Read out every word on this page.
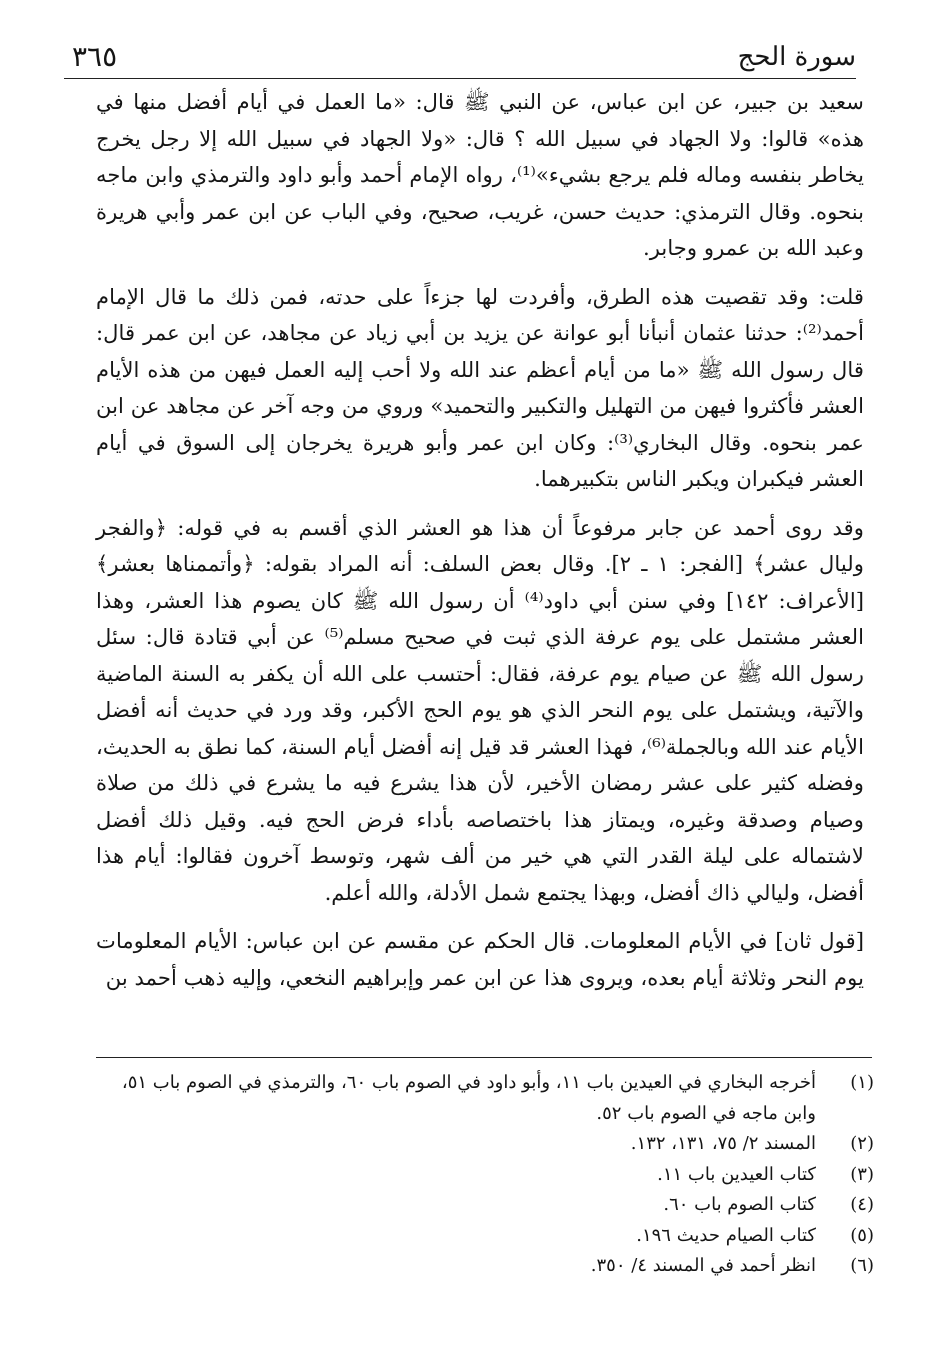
سورة الحج
٣٦٥

سعيد بن جبير، عن ابن عباس، عن النبي ﷺ قال: «ما العمل في أيام أفضل منها في هذه» قالوا: ولا الجهاد في سبيل الله ؟ قال: «ولا الجهاد في سبيل الله إلا رجل يخرج يخاطر بنفسه وماله فلم يرجع بشيء»⁽¹⁾، رواه الإمام أحمد وأبو داود والترمذي وابن ماجه بنحوه. وقال الترمذي: حديث حسن، غريب، صحيح، وفي الباب عن ابن عمر وأبي هريرة وعبد الله بن عمرو وجابر.

قلت: وقد تقصيت هذه الطرق، وأفردت لها جزءاً على حدته، فمن ذلك ما قال الإمام أحمد⁽²⁾: حدثنا عثمان أنبأنا أبو عوانة عن يزيد بن أبي زياد عن مجاهد، عن ابن عمر قال: قال رسول الله ﷺ «ما من أيام أعظم عند الله ولا أحب إليه العمل فيهن من هذه الأيام العشر فأكثروا فيهن من التهليل والتكبير والتحميد» وروي من وجه آخر عن مجاهد عن ابن عمر بنحوه. وقال البخاري⁽³⁾: وكان ابن عمر وأبو هريرة يخرجان إلى السوق في أيام العشر فيكبران ويكبر الناس بتكبيرهما.

وقد روى أحمد عن جابر مرفوعاً أن هذا هو العشر الذي أقسم به في قوله: ﴿والفجر وليال عشر﴾ [الفجر: ١ ـ ٢]. وقال بعض السلف: أنه المراد بقوله: ﴿وأتممناها بعشر﴾ [الأعراف: ١٤٢] وفي سنن أبي داود⁽⁴⁾ أن رسول الله ﷺ كان يصوم هذا العشر، وهذا العشر مشتمل على يوم عرفة الذي ثبت في صحيح مسلم⁽⁵⁾ عن أبي قتادة قال: سئل رسول الله ﷺ عن صيام يوم عرفة، فقال: أحتسب على الله أن يكفر به السنة الماضية والآتية، ويشتمل على يوم النحر الذي هو يوم الحج الأكبر، وقد ورد في حديث أنه أفضل الأيام عند الله وبالجملة⁽⁶⁾، فهذا العشر قد قيل إنه أفضل أيام السنة، كما نطق به الحديث، وفضله كثير على عشر رمضان الأخير، لأن هذا يشرع فيه ما يشرع في ذلك من صلاة وصيام وصدقة وغيره، ويمتاز هذا باختصاصه بأداء فرض الحج فيه. وقيل ذلك أفضل لاشتماله على ليلة القدر التي هي خير من ألف شهر، وتوسط آخرون فقالوا: أيام هذا أفضل، وليالي ذاك أفضل، وبهذا يجتمع شمل الأدلة، والله أعلم.

[قول ثان] في الأيام المعلومات. قال الحكم عن مقسم عن ابن عباس: الأيام المعلومات يوم النحر وثلاثة أيام بعده، ويروى هذا عن ابن عمر وإبراهيم النخعي، وإليه ذهب أحمد بن

(١)
أخرجه البخاري في العيدين باب ١١، وأبو داود في الصوم باب ٦٠، والترمذي في الصوم باب ٥١، وابن ماجه في الصوم باب ٥٢.
(٢)
المسند ٢/ ٧٥، ١٣١، ١٣٢.
(٣)
كتاب العيدين باب ١١.
(٤)
كتاب الصوم باب ٦٠.
(٥)
كتاب الصيام حديث ١٩٦.
(٦)
انظر أحمد في المسند ٤/ ٣٥٠.
